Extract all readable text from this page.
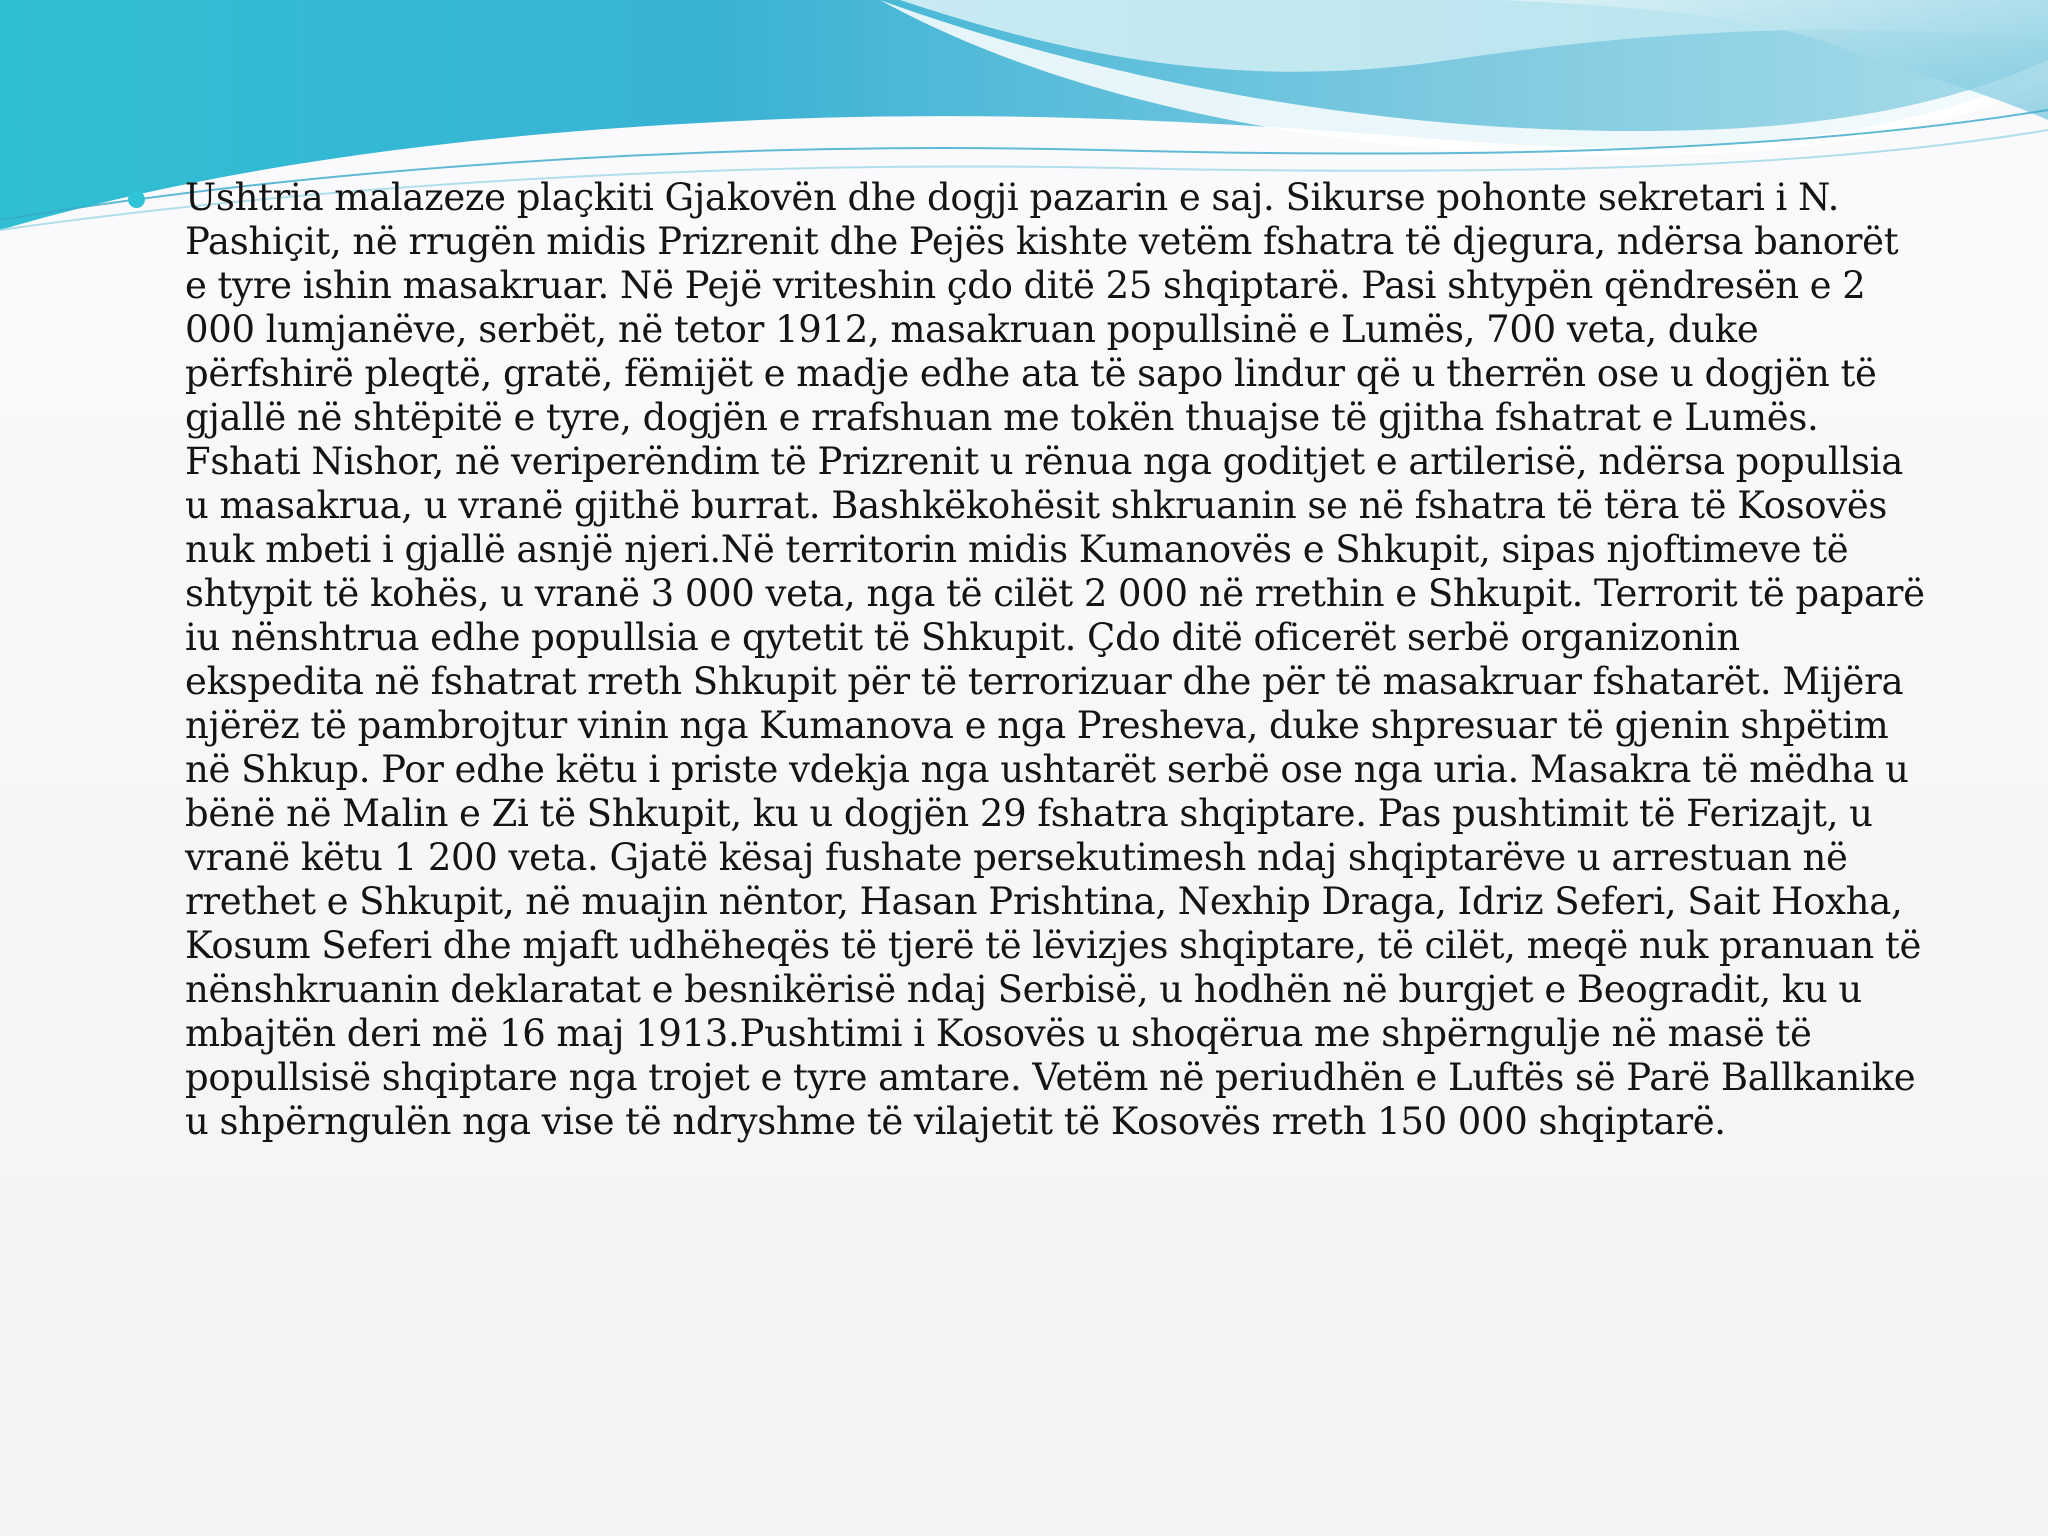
Ushtria malazeze plaçkiti Gjakovën dhe dogji pazarin e saj. Sikurse pohonte sekretari i N. Pashiçit, në rrugën midis Prizrenit dhe Pejës kishte vetëm fshatra të djegura, ndërsa banorët e tyre ishin masakruar. Në Pejë vriteshin çdo ditë 25 shqiptarë. Pasi shtypën qëndresën e 2 000 lumjanëve, serbët, në tetor 1912, masakruan popullsinë e Lumës, 700 veta, duke përfshirë pleqtë, gratë, fëmijët e madje edhe ata të sapo lindur që u therrën ose u dogjën të gjallë në shtëpitë e tyre, dogjën e rrafshuan me tokën thuajse të gjitha fshatrat e Lumës. Fshati Nishor, në veriperëndim të Prizrenit u rënua nga goditjet e artilerisë, ndërsa popullsia u masakrua, u vranë gjithë burrat. Bashkëkohësit shkruanin se në fshatra të tëra të Kosovës nuk mbeti i gjallë asnjë njeri.Në territorin midis Kumanovës e Shkupit, sipas njoftimeve të shtypit të kohës, u vranë 3 000 veta, nga të cilët 2 000 në rrethin e Shkupit. Terrorit të paparë iu nënshtrua edhe popullsia e qytetit të Shkupit. Çdo ditë oficerët serbë organizonin ekspedita në fshatrat rreth Shkupit për të terrorizuar dhe për të masakruar fshatarët. Mijëra njërëz të pambrojtur vinin nga Kumanova e nga Presheva, duke shpresuar të gjenin shpëtim në Shkup. Por edhe këtu i priste vdekja nga ushtarët serbë ose nga uria. Masakra të mëdha u bënë në Malin e Zi të Shkupit, ku u dogjën 29 fshatra shqiptare. Pas pushtimit të Ferizajt, u vranë këtu 1 200 veta. Gjatë kësaj fushate persekutimesh ndaj shqiptarëve u arrestuan në rrethet e Shkupit, në muajin nëntor, Hasan Prishtina, Nexhip Draga, Idriz Seferi, Sait Hoxha, Kosum Seferi dhe mjaft udhëheqës të tjerë të lëvizjes shqiptare, të cilët, meqë nuk pranuan të nënshkruanin deklaratat e besnikërisë ndaj Serbisë, u hodhën në burgjet e Beogradit, ku u mbajtën deri më 16 maj 1913.Pushtimi i Kosovës u shoqërua me shpërngulje në masë të popullsisë shqiptare nga trojet e tyre amtare. Vetëm në periudhën e Luftës së Parë Ballkanike u shpërngulën nga vise të ndryshme të vilajetit të Kosovës rreth 150 000 shqiptarë.
